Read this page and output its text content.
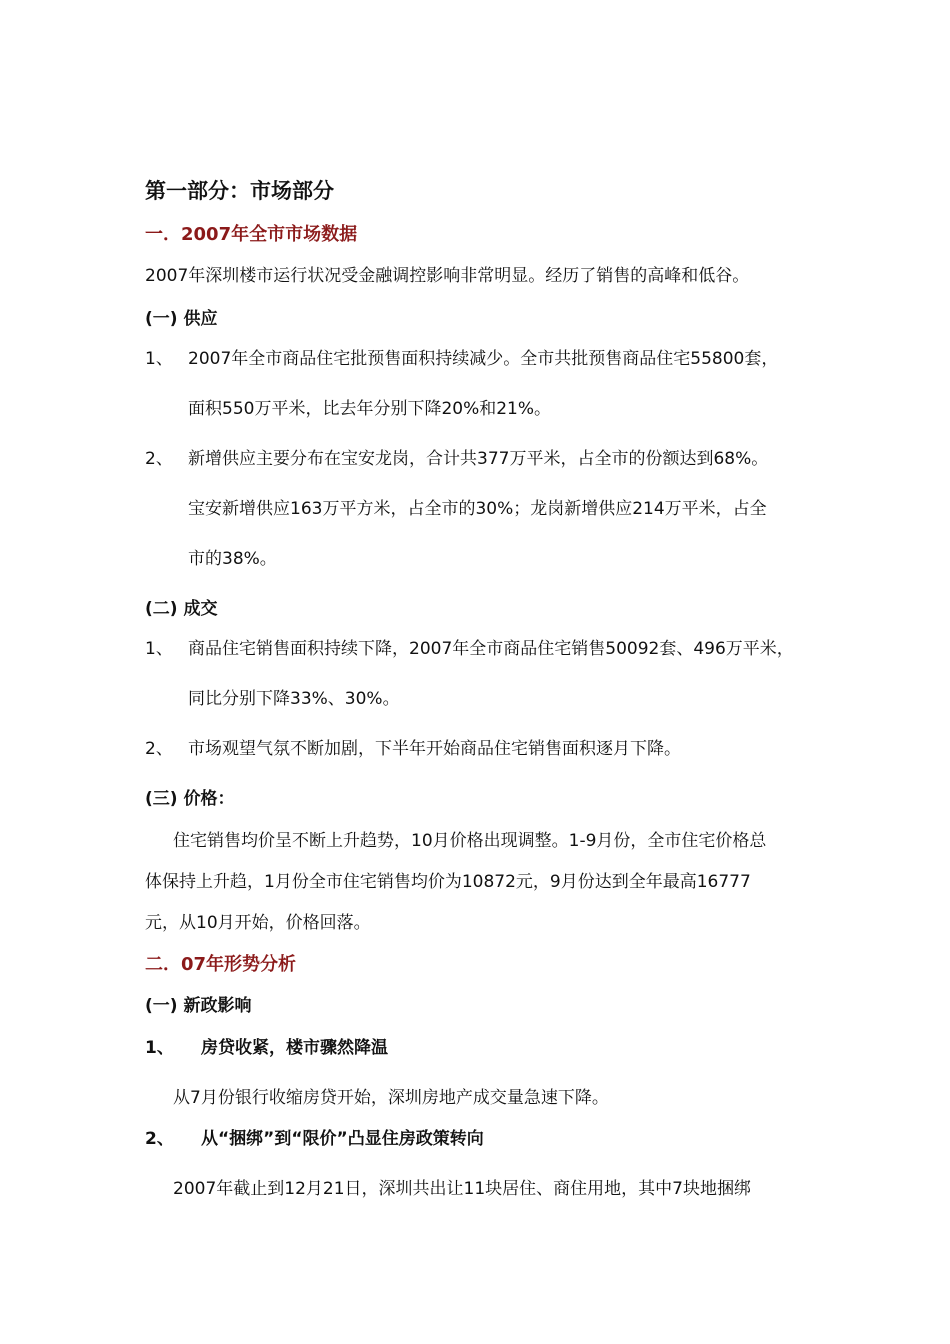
第一部分：市场部分
一．2007年全市市场数据
2007年深圳楼市运行状况受金融调控影响非常明显。经历了销售的高峰和低谷。
(一) 供应
1、 2007年全市商品住宅批预售面积持续减少。全市共批预售商品住宅55800套，
面积550万平米，比去年分别下降20%和21%。
2、 新增供应主要分布在宝安龙岗，合计共377万平米，占全市的份额达到68%。
宝安新增供应163万平方米，占全市的30%；龙岗新增供应214万平米，占全
市的38%。
(二) 成交
1、 商品住宅销售面积持续下降，2007年全市商品住宅销售50092套、496万平米，
同比分别下降33%、30%。
2、 市场观望气氛不断加剧，下半年开始商品住宅销售面积逐月下降。
(三) 价格：
住宅销售均价呈不断上升趋势，10月价格出现调整。1-9月份，全市住宅价格总
体保持上升趋，1月份全市住宅销售均价为10872元，9月份达到全年最高16777
元，从10月开始，价格回落。
二．07年形势分析
(一) 新政影响
1、 房贷收紧，楼市骤然降温
从7月份银行收缩房贷开始，深圳房地产成交量急速下降。
2、 从“捆绑”到“限价”凸显住房政策转向
2007年截止到12月21日，深圳共出让11块居住、商住用地，其中7块地捆绑
